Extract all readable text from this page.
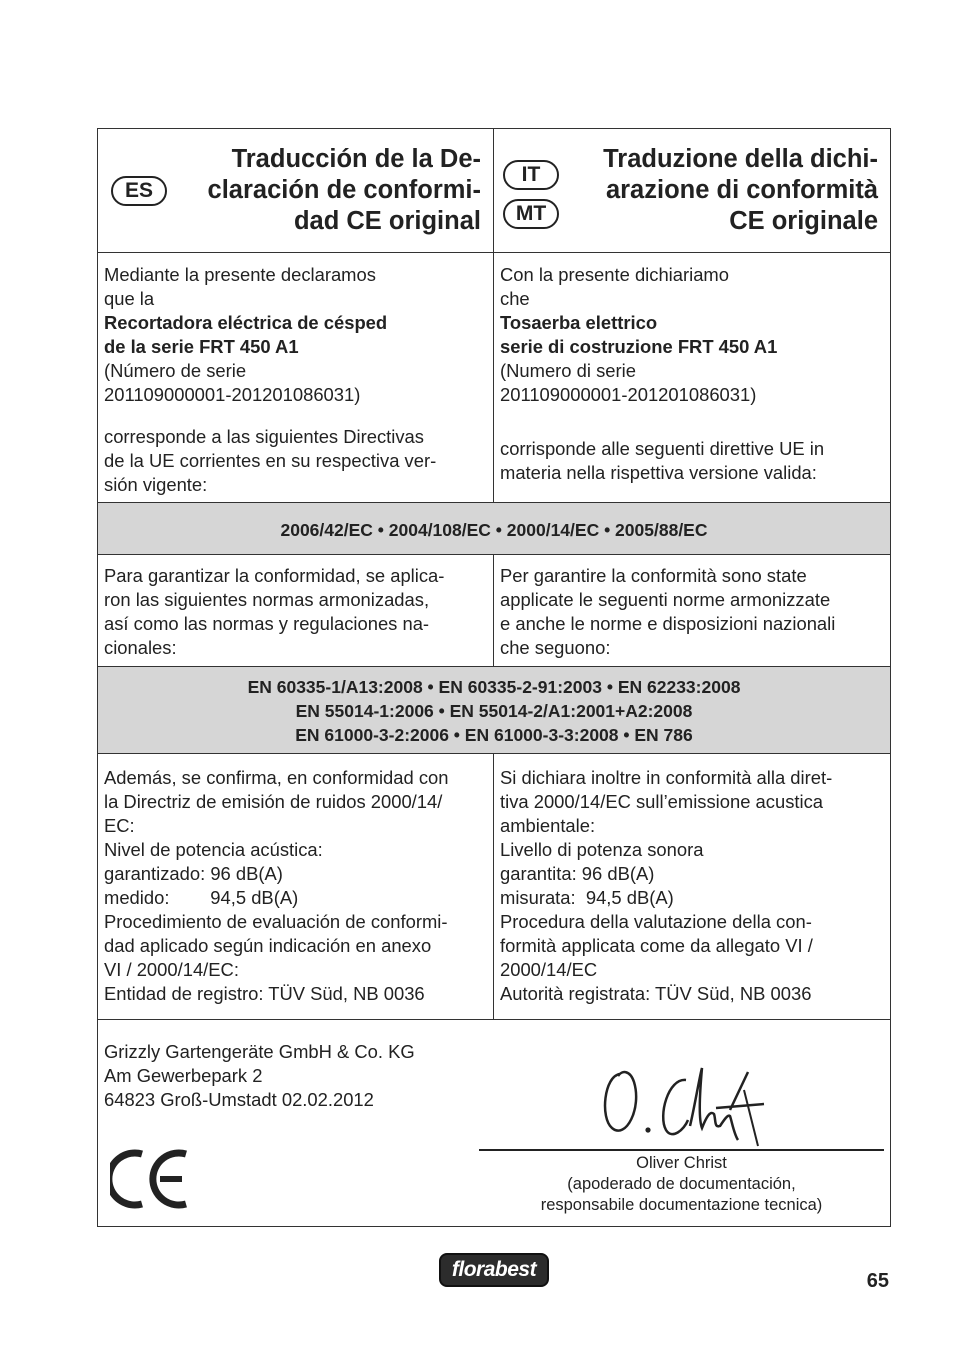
ES
Traducción de la De-
claración de conformi-
dad CE original
IT
MT
Traduzione della dichi-
arazione di conformità
CE originale
Mediante la presente declaramos
que la
Recortadora eléctrica de césped
de la serie FRT 450 A1
(Número de serie
201109000001-201201086031)
corresponde a las siguientes Directivas
de la UE corrientes en su respectiva ver-
sión vigente:
Con la presente dichiariamo
che
Tosaerba elettrico
serie di costruzione FRT 450 A1
(Numero di serie
201109000001-201201086031)
corrisponde alle seguenti direttive UE in
materia nella rispettiva versione valida:
2006/42/EC • 2004/108/EC • 2000/14/EC • 2005/88/EC
Para garantizar la conformidad, se aplica-
ron las siguientes normas armonizadas,
así como las normas y regulaciones na-
cionales:
Per garantire la conformità sono state
applicate le seguenti norme armonizzate
e anche le norme e disposizioni nazionali
che seguono:
EN 60335-1/A13:2008 • EN 60335-2-91:2003 • EN 62233:2008
EN 55014-1:2006 • EN 55014-2/A1:2001+A2:2008
EN 61000-3-2:2006 • EN 61000-3-3:2008 • EN 786
Además, se confirma, en conformidad con
la Directriz de emisión de ruidos 2000/14/
EC:
Nivel de potencia acústica:
garantizado: 96 dB(A)
medido:        94,5 dB(A)
Procedimiento de evaluación de conformi-
dad aplicado según indicación en anexo
VI / 2000/14/EC:
Entidad de registro: TÜV Süd, NB 0036
Si dichiara inoltre in conformità alla diret-
tiva 2000/14/EC sull’emissione acustica
ambientale:
Livello di potenza sonora
garantita: 96 dB(A)
misurata:  94,5 dB(A)
Procedura della valutazione della con-
formità applicata come da allegato VI /
2000/14/EC
Autorità registrata: TÜV Süd, NB 0036
Grizzly Gartengeräte GmbH & Co. KG
Am Gewerbepark 2
64823 Groß-Umstadt 02.02.2012
Oliver Christ
(apoderado de documentación,
responsabile documentazione tecnica)
florabest	65
